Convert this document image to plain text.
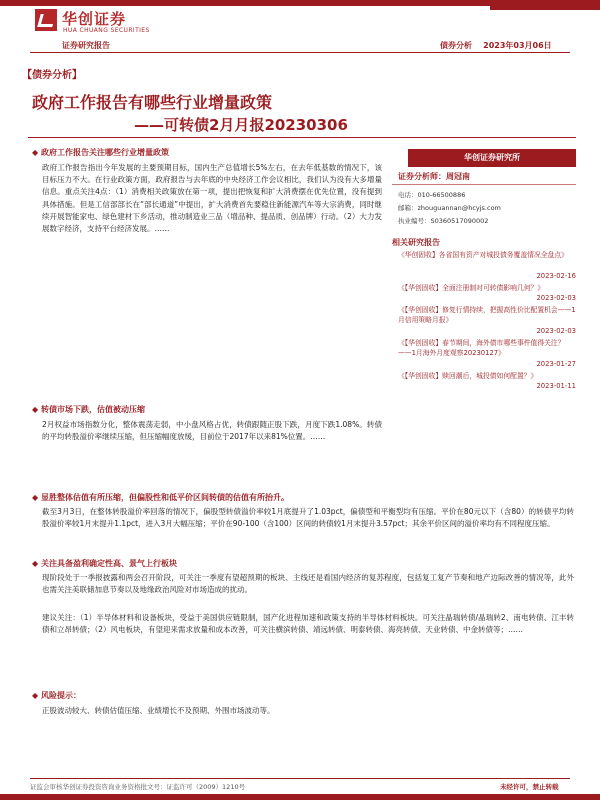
华创证券
HUA CHUANG SECURITIES
证券研究报告	债券分析 2023年03月06日
【债券分析】
政府工作报告有哪些行业增量政策
——可转债2月月报20230306
◆ 政府工作报告关注哪些行业增量政策
政府工作报告指出今年发展的主要预期目标，国内生产总值增长5%左右，在去年低基数的情况下，该目标压力不大。在行业政策方面，政府报告与去年底的中央经济工作会议相比，我们认为没有大多增量信息。重点关注4点：（1）消费相关政策放在第一项，提出把恢复和扩大消费摆在优先位置，没有提到具体措施。但是工信部部长在“部长通道”中提出，扩大消费首先要稳住新能源汽车等大宗消费，同时继续开展智能家电、绿色建材下乡活动，推动制造业三品（增品种、提品质、创品牌）行动。（2）大力发展数字经济，支持平台经济发展。……
◆ 转债市场下跌，估值被动压缩
2月权益市场指数分化，整体震荡走弱，中小盘风格占优，转债跟随正股下跌，月度下跌1.08%。转债的平均转股溢价率继续压缩，但压缩幅度放缓，目前位于2017年以来81%位置。……
◆ 显胜整体估值有所压缩，但偏股性和低平价区间转债的估值有所抬升。
截至3月3日，在整体转股溢价率回落的情况下，偏股型转债溢价率较1月底提升了1.03pct，偏债型和平衡型均有压缩。平价在80元以下（含80）的转债平均转股溢价率较1月末提升1.1pct，进入3月大幅压缩；平价在90-100（含100）区间的转债较1月末提升3.57pct；其余平价区间的溢价率均有不同程度压缩。
◆ 关注具备盈利确定性高、景气上行板块
现阶段处于一季报披露和两会召开阶段，可关注一季度有望超预期的板块、主线还是看国内经济的复苏程度，包括复工复产节奏和地产边际改善的情况等，此外也需关注美联储加息节奏以及地缘政治风险对市场造成的扰动。
建议关注：（1）半导体材料和设备板块，受益于美国供应链限制，国产化进程加速和政策支持的半导体材料板块。可关注晶瑞转债/晶瑞转2、南电转债、江丰转债和立昂转债；（2）风电板块，有望迎来需求放量和成本改善，可关注横滨转债、靖远转债、明泰转债、海亮转债、天业转债、中金转债等；……
◆ 风险提示：
正股波动较大、转债估值压缩、业绩增长不及预期、外围市场波动等。
华创证券研究所
证券分析师：周冠南
电话：010-66500886
邮箱：zhouguannan@hcyjs.com
执业编号：S0360517090002
相关研究报告
《华创固收】各省国有资产对城投债务覆盖情况全盘点》
2023-02-16
《【华创固收】全面注册制对可转债影响几何？》
2023-02-03
《【华创固收】修复行情持续，把握高性价比配置机会——1月信用策略月报》
2023-02-03
《【华创固收】春节期间，海外债市哪些事件值得关注？——1月海外月度观察20230127》
2023-01-27
《【华创固收】赎回潮后，城投债如何配置？》
2023-01-11
证监会审核华创证券投资咨询业务资格批文号：证监许可（2009）1210号	未经许可，禁止转载
